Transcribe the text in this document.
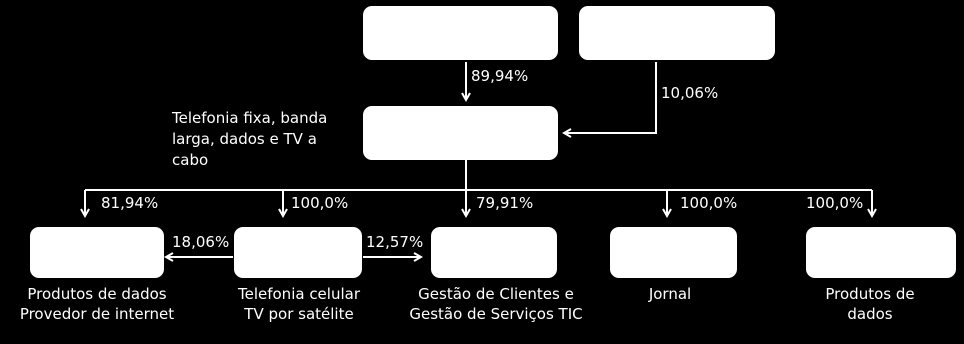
89,94%
10,06%
81,94%	100,0%	79,91%	100,0%	100,0%
18,06%	12,57%
Telefonia fixa, banda
larga, dados e TV a
cabo
Produtos de dados
Provedor de internet
Telefonia celular
TV por satélite
Gestão de Clientes e
Gestão de Serviços TIC
Jornal	Produtos de
dados
